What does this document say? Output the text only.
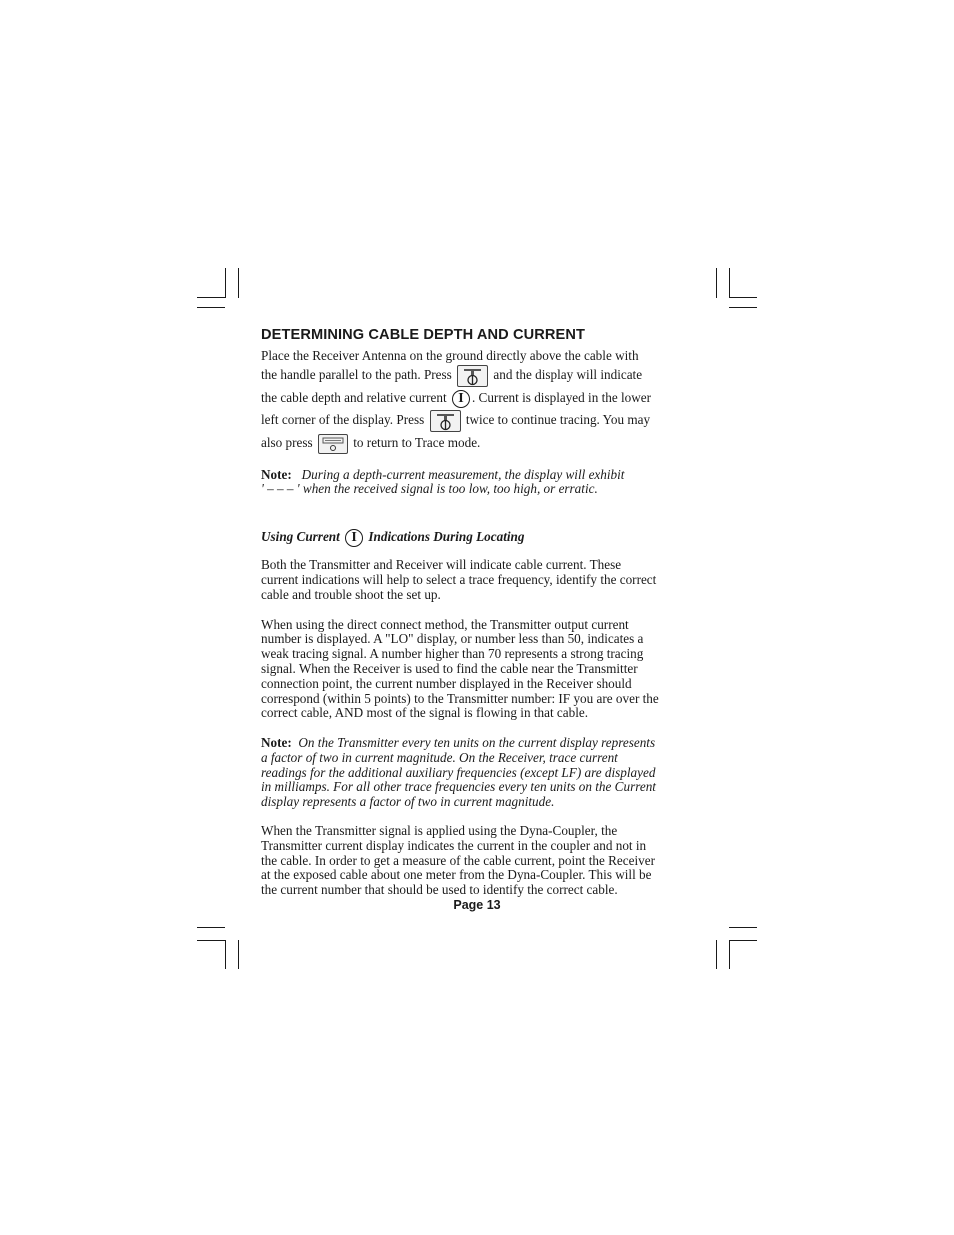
DETERMINING CABLE DEPTH AND CURRENT

Place the Receiver Antenna on the ground directly above the cable with

the handle parallel to the path. Press	and the display will indicate
the cable depth and relative current I . Current is displayed in the lower
left corner of the display. Press	twice to continue tracing. You may
also press	to return to Trace mode.

Note: During a depth-current measurement, the display will exhibit
' – – – ' when the received signal is too low, too high, or erratic.

Using Current I Indications During Locating

Both the Transmitter and Receiver will indicate cable current. These
current indications will help to select a trace frequency, identify the correct
cable and trouble shoot the set up.

When using the direct connect method, the Transmitter output current
number is displayed. A "LO" display, or number less than 50, indicates a
weak tracing signal. A number higher than 70 represents a strong tracing
signal. When the Receiver is used to find the cable near the Transmitter
connection point, the current number displayed in the Receiver should
correspond (within 5 points) to the Transmitter number: IF you are over the
correct cable, AND most of the signal is flowing in that cable.

Note: On the Transmitter every ten units on the current display represents
a factor of two in current magnitude. On the Receiver, trace current
readings for the additional auxiliary frequencies (except LF) are displayed
in milliamps. For all other trace frequencies every ten units on the Current
display represents a factor of two in current magnitude.

When the Transmitter signal is applied using the Dyna-Coupler, the
Transmitter current display indicates the current in the coupler and not in
the cable. In order to get a measure of the cable current, point the Receiver
at the exposed cable about one meter from the Dyna-Coupler. This will be
the current number that should be used to identify the correct cable.

Page 13
